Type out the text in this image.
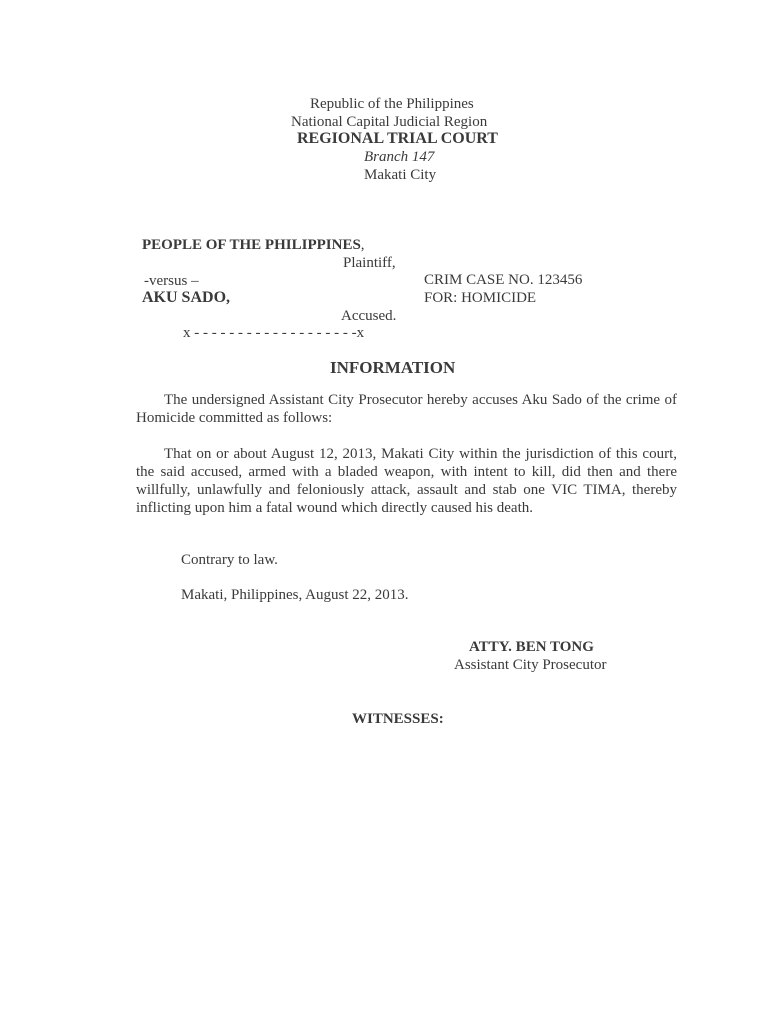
Republic of the Philippines
National Capital Judicial Region
REGIONAL TRIAL COURT
Branch 147
Makati City
PEOPLE OF THE PHILIPPINES,
Plaintiff,
-versus –
AKU SADO,
Accused.
x - - - - - - - - - - - - - - - - - - -x
CRIM CASE NO. 123456
FOR: HOMICIDE
INFORMATION
The undersigned Assistant City Prosecutor hereby accuses Aku Sado of the crime of Homicide committed as follows:
That on or about August 12, 2013, Makati City within the jurisdiction of this court, the said accused, armed with a bladed weapon, with intent to kill, did then and there willfully, unlawfully and feloniously attack, assault and stab one VIC TIMA, thereby inflicting upon him a fatal wound which directly caused his death.
Contrary to law.
Makati, Philippines, August 22, 2013.
ATTY. BEN TONG
Assistant City Prosecutor
WITNESSES:
